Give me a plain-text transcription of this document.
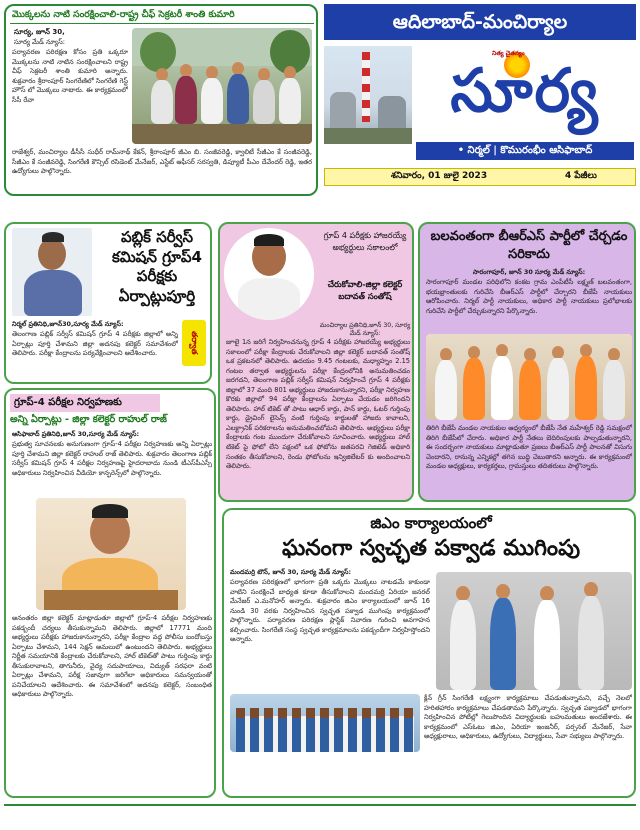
మొక్కలను నాటి సంరక్షించాలి-రాష్ట్ర చీఫ్ సెక్రటరీ శాంతి కుమారి
సూర్య, జూన్ 30,
సూర్య మేడ్ న్యూస్:
పర్యావరణ పరిరక్షణ కోసం ప్రతి ఒక్కరూ మొక్కలను నాటి నాటిన సంరక్షించాలని రాష్ట్ర చీఫ్ సెక్రటరీ శాంతి కుమారి అన్నారు. శుక్రవారం శ్రీరాంపూర్ సింగరేణిలో సింగరేణి గెస్ట్ హౌస్ లో మొక్కలు నాటారు. ఈ కార్యక్రమంలో సీసీ రేవా
రాజేశ్వర్, మంచిర్యాల డీసీసీ సుధీర్ రామ్‌నాథ్ కేకన్, శ్రీరాంపూర్ జీఎం బి. సంజీవరెడ్డి, క్వాలిటీ సీజీఎం కే సంజీవరెడ్డి, సీజీఎం కే సంజీవరెడ్డి, సింగరేణి కౌన్సిల్ రసిడెంట్ మేనేజర్, ఎస్టేట్ ఆఫీసర్ సరస్వతి, డిప్యూటీ పీఎం దేవేందర్ రెడ్డి, ఇతర ఉద్యోగులు పాల్గొన్నారు.
ఆదిలాబాద్-మంచిర్యాల
నిత్య చైతన్యం
సూర్య
• నిర్మల్ | కొమురంభీం ఆసిఫాబాద్
శనివారం, 01 జులై 2023	4 పేజీలు
పబ్లిక్ సర్వీస్ కమిషన్ గ్రూప్4 పరీక్షకు ఏర్పాట్లుపూర్తి
తర్వాత
నిర్మల్ ప్రతినిధి,జూన్30,సూర్య మేడ్ న్యూస్:
తెలంగాణ పబ్లిక్ సర్వీస్ కమిషన్ గ్రూప్ 4 పరీక్షకు జిల్లాలో అన్ని ఏర్పాట్లు పూర్తి చేశామని జిల్లా అదనపు కలెక్టర్ సమావేశంలో తెలిపారు. పరీక్షా కేంద్రాలను పర్యవేక్షించాలని ఆదేశించారు.
గ్రూప్-4 పరీక్షల నిర్వహణకు
అన్ని ఏర్పాట్లు - జిల్లా కలెక్టర్ రాహుల్ రాజ్
ఆసిఫాబాద్ ప్రతినిధి,జూన్ 30,సూర్య మేడ్ న్యూస్:
ప్రభుత్వ సూచనలకు అనుగుణంగా గ్రూప్-4 పరీక్షల నిర్వహణకు అన్ని ఏర్పాట్లు పూర్తి చేశామని జిల్లా కలెక్టర్ రాహుల్ రాజ్ తెలిపారు. శుక్రవారం తెలంగాణ పబ్లిక్ సర్వీస్ కమిషన్ గ్రూప్ 4 పరీక్షల నిర్వహణపై హైదరాబాదు నుండి టీఎస్‌పీఎస్సీ అధికారులు నిర్వహించిన వీడియో కాన్ఫరెన్స్‌లో పాల్గొన్నారు.
అనంతరం జిల్లా కలెక్టర్ మాట్లాడుతూ జిల్లాలో గ్రూప్-4 పరీక్షల నిర్వహణకు పకడ్బందీ చర్యలు తీసుకున్నామని తెలిపారు. జిల్లాలో 17771 మంది అభ్యర్థులు పరీక్షకు హాజరుకానున్నారని, పరీక్షా కేంద్రాల వద్ద పోలీసు బందోబస్తు ఏర్పాటు చేశామని, 144 సెక్షన్ అమలులో ఉంటుందని తెలిపారు. అభ్యర్థులు నిర్ణీత సమయానికి కేంద్రాలకు చేరుకోవాలని, హాల్ టికెట్‌తో పాటు గుర్తింపు కార్డు తీసుకురావాలని, తాగునీరు, వైద్య సదుపాయాలు, విద్యుత్ సరఫరా వంటి ఏర్పాట్లు చేశామని, పరీక్ష సజావుగా జరిగేలా అధికారులు సమన్వయంతో పనిచేయాలని ఆదేశించారు. ఈ సమావేశంలో అదనపు కలెక్టర్, సంబంధిత అధికారులు పాల్గొన్నారు.
గ్రూప్ 4 పరీక్షకు హాజరయ్యే అభ్యర్థులు సకాలంలో
చేరుకోవాలి-జిల్లా కలెక్టర్ బదావత్ సంతోష్
మంచిర్యాల ప్రతినిధి,జూన్ 30, సూర్య మేడ్ న్యూస్:
జూలై 1న జరిగే నిర్వహించనున్న గ్రూప్ 4 పరీక్షకు హాజరయ్యే అభ్యర్థులు సకాలంలో పరీక్షా కేంద్రాలకు చేరుకోవాలని జిల్లా కలెక్టర్ బదావత్ సంతోష్ ఒక ప్రకటనలో తెలిపారు. ఉదయం 9.45 గంటలకు, మధ్యాహ్నం 2.15 గంటల తర్వాత అభ్యర్థులను పరీక్షా కేంద్రంలోనికి అనుమతించడం జరగదని, తెలంగాణ పబ్లిక్ సర్వీస్ కమిషన్ నిర్వహించే గ్రూప్ 4 పరీక్షకు జిల్లాలో 37 మంది 801 అభ్యర్థులు హాజరుకానున్నారని, పరీక్షా నిర్వహణ కొరకు జిల్లాలో 94 పరీక్షా కేంద్రాలను ఏర్పాటు చేయడం జరిగిందని తెలిపారు. హాల్ టికెట్ తో పాటు ఆధార్ కార్డు, పాన్ కార్డు, ఓటర్ గుర్తింపు కార్డు, డ్రైవింగ్ లైసెన్స్ వంటి గుర్తింపు కార్డులతో హాజరు కావాలని, ఎలక్ట్రానిక్ పరికరాలను అనుమతించబోమని తెలిపారు. అభ్యర్థులు పరీక్షా కేంద్రాలకు గంట ముందుగా చేరుకోవాలని సూచించారు. అభ్యర్థులు హాల్ టికెట్ పై ఫోటో లేని పక్షంలో ఒక ఫోటోను జతపరచి గెజిటెడ్ అధికారి సంతకం తీసుకోవాలని, రెండు ఫోటోలను ఇన్విజిలేటర్ కు అందించాలని తెలిపారు.
బలవంతంగా బీఆర్ఎస్ పార్టీలో చేర్చడం సరికాదు
సారంగాపూర్, జూన్ 30 సూర్య మేడ్ న్యూస్:
సారంగాపూర్ మండల పరిధిలోని కంకట గ్రామ ఎంపీటీసీ లక్ష్మణ్ బలవంతంగా, భయభ్రాంతులకు గురిచేసి బీఆర్ఎస్ పార్టీలో చేర్చారని బీజేపీ నాయకులు ఆరోపించారు. నిర్మల్ పార్టీ నాయకులు, అధికార పార్టీ నాయకులు ప్రలోభాలకు గురిచేసి పార్టీలో చేర్చుకున్నారని పేర్కొన్నారు.
తిరిగి బీజేపీ మండల నాయకుల ఆధ్వర్యంలో బీజేపీ నేత మహేశ్వర్ రెడ్డి సమక్షంలో తిరిగి బీజేపీలో చేరారు. అధికార పార్టీ నేతలు బెదిరింపులకు పాల్పడుతున్నారని, ఈ సందర్భంగా నాయకులు మాట్లాడుతూ ప్రజలు బీఆర్ఎస్ పార్టీ పాలనతో విసుగు చెందారని, రానున్న ఎన్నికల్లో తగిన బుద్ధి చెబుతారని అన్నారు. ఈ కార్యక్రమంలో మండల అధ్యక్షులు, కార్యకర్తలు, గ్రామస్తులు తదితరులు పాల్గొన్నారు.
జిఎం కార్యాలయంలో
ఘనంగా స్వచ్ఛత పక్వాడ ముగింపు
మందమర్రి టౌన్, జూన్ 30, సూర్య మేడ్ న్యూస్:
పర్యావరణ పరిరక్షణలో భాగంగా ప్రతి ఒక్కరు మొక్కలు నాటడమే కాకుండా వాటిని సంరక్షించే బాధ్యత కూడా తీసుకోవాలని మందమర్రి ఏరియా జనరల్ మేనేజర్ ఎ.మనోహర్ అన్నారు. శుక్రవారం జిఎం కార్యాలయంలో జూన్ 16 నుండి 30 వరకు నిర్వహించిన స్వచ్ఛత పక్వాడ ముగింపు కార్యక్రమంలో పాల్గొన్నారు. పర్యావరణ పరిరక్షణ ప్లాస్టిక్ నివారణ గురించి అవగాహన కల్పించారు. సింగరేణి సంస్థ స్వచ్ఛత కార్యక్రమాలను పకడ్బందీగా నిర్వహిస్తోందని అన్నారు.
క్లీన్ గ్రీన్ సింగరేణి లక్ష్యంగా కార్యక్రమాలు చేపడుతున్నామని, వచ్చే నెలలో హరితహారం కార్యక్రమాలు చేపడతామని పేర్కొన్నారు. స్వచ్ఛత పక్వాడలో భాగంగా నిర్వహించిన పోటీల్లో గెలుపొందిన విద్యార్థులకు బహుమతులు అందజేశారు. ఈ కార్యక్రమంలో ఎస్ఓటు జిఎం, ఏరియా ఇంజనీర్, పర్సనల్ మేనేజర్, సేవా అధ్యక్షురాలు, అధికారులు, ఉద్యోగులు, విద్యార్థులు, సేవా సభ్యులు పాల్గొన్నారు.
